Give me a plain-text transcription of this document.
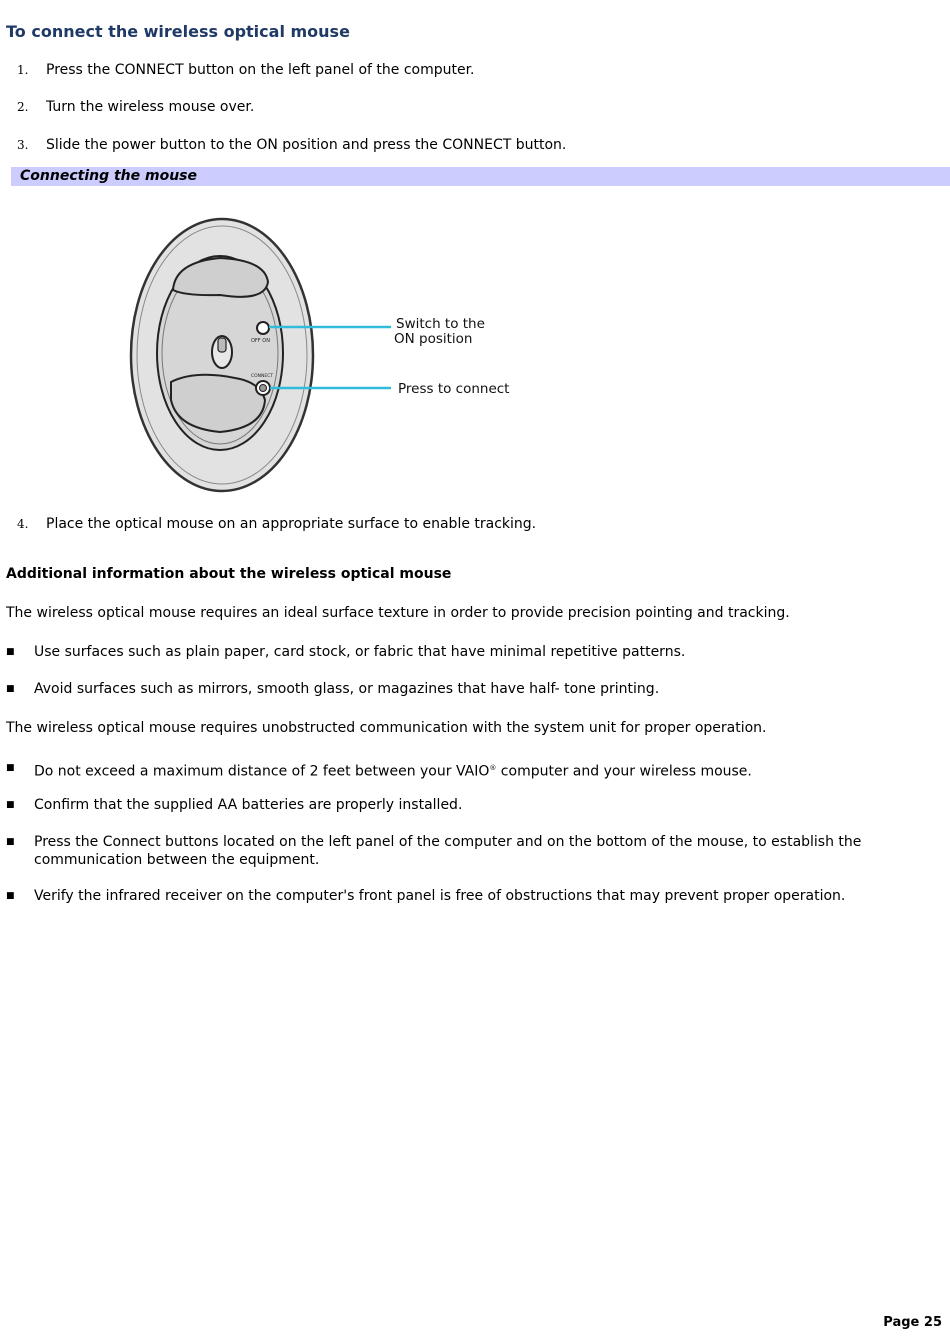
To connect the wireless optical mouse
1. Press the CONNECT button on the left panel of the computer.
2. Turn the wireless mouse over.
3. Slide the power button to the ON position and press the CONNECT button.
Connecting the mouse
OFF ON
CONNECT
Switch to the
ON position
Press to connect
4. Place the optical mouse on an appropriate surface to enable tracking.
Additional information about the wireless optical mouse

The wireless optical mouse requires an ideal surface texture in order to provide precision pointing and tracking.

■ Use surfaces such as plain paper, card stock, or fabric that have minimal repetitive patterns.
■ Avoid surfaces such as mirrors, smooth glass, or magazines that have half- tone printing.

The wireless optical mouse requires unobstructed communication with the system unit for proper operation.

■ Do not exceed a maximum distance of 2 feet between your VAIO® computer and your wireless mouse.
■ Confirm that the supplied AA batteries are properly installed.
■ Press the Connect buttons located on the left panel of the computer and on the bottom of the mouse, to establish the communication between the equipment.
■ Verify the infrared receiver on the computer's front panel is free of obstructions that may prevent proper operation.
Page 25
